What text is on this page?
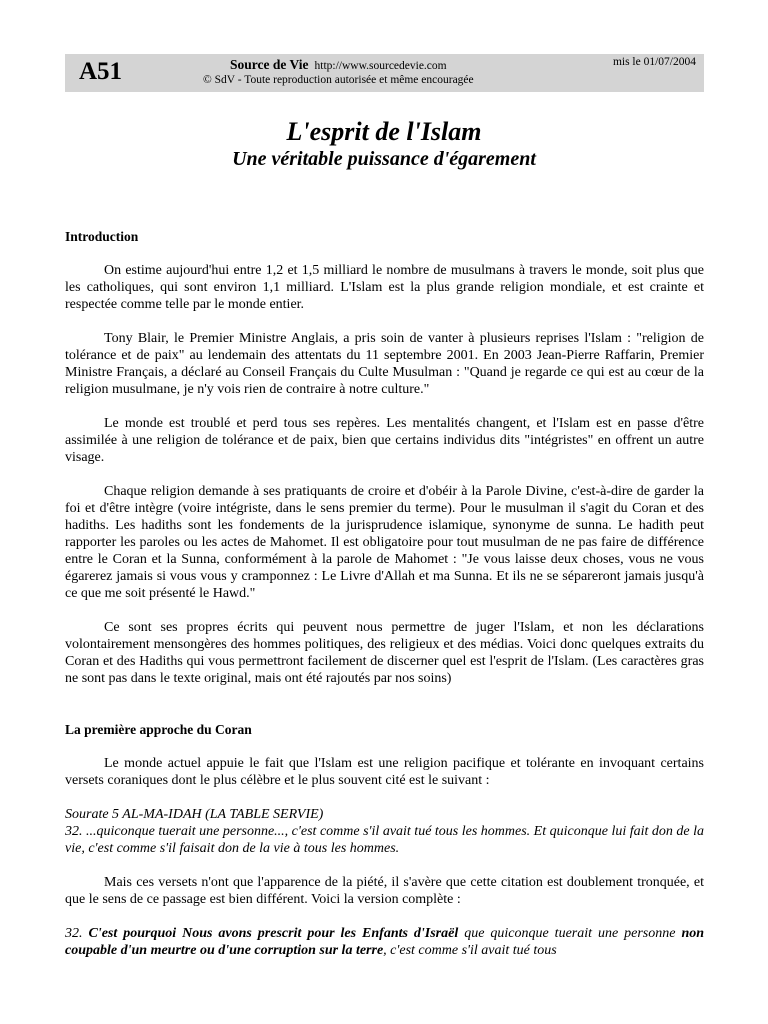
A51	Source de Vie http://www.sourcedevie.com
© SdV - Toute reproduction autorisée et même encouragée
mis le 01/07/2004
L'esprit de l'Islam
Une véritable puissance d'égarement
Introduction

On estime aujourd'hui entre 1,2 et 1,5 milliard le nombre de musulmans à travers le monde, soit plus que les catholiques, qui sont environ 1,1 milliard. L'Islam est la plus grande religion mondiale, et est crainte et respectée comme telle par le monde entier.

Tony Blair, le Premier Ministre Anglais, a pris soin de vanter à plusieurs reprises l'Islam : "religion de tolérance et de paix" au lendemain des attentats du 11 septembre 2001. En 2003 Jean-Pierre Raffarin, Premier Ministre Français, a déclaré au Conseil Français du Culte Musulman : "Quand je regarde ce qui est au cœur de la religion musulmane, je n'y vois rien de contraire à notre culture."

Le monde est troublé et perd tous ses repères. Les mentalités changent, et l'Islam est en passe d'être assimilée à une religion de tolérance et de paix, bien que certains individus dits "intégristes" en offrent un autre visage.

Chaque religion demande à ses pratiquants de croire et d'obéir à la Parole Divine, c'est-à-dire de garder la foi et d'être intègre (voire intégriste, dans le sens premier du terme). Pour le musulman il s'agit du Coran et des hadiths. Les hadiths sont les fondements de la jurisprudence islamique, synonyme de sunna. Le hadith peut rapporter les paroles ou les actes de Mahomet. Il est obligatoire pour tout musulman de ne pas faire de différence entre le Coran et la Sunna, conformément à la parole de Mahomet : "Je vous laisse deux choses, vous ne vous égarerez jamais si vous vous y cramponnez : Le Livre d'Allah et ma Sunna. Et ils ne se sépareront jamais jusqu'à ce que me soit présenté le Hawd."

Ce sont ses propres écrits qui peuvent nous permettre de juger l'Islam, et non les déclarations volontairement mensongères des hommes politiques, des religieux et des médias. Voici donc quelques extraits du Coran et des Hadiths qui vous permettront facilement de discerner quel est l'esprit de l'Islam. (Les caractères gras ne sont pas dans le texte original, mais ont été rajoutés par nos soins)

La première approche du Coran

Le monde actuel appuie le fait que l'Islam est une religion pacifique et tolérante en invoquant certains versets coraniques dont le plus célèbre et le plus souvent cité est le suivant :

Sourate 5 AL-MA-IDAH (LA TABLE SERVIE)

32. ...quiconque tuerait une personne..., c'est comme s'il avait tué tous les hommes. Et quiconque lui fait don de la vie, c'est comme s'il faisait don de la vie à tous les hommes.

Mais ces versets n'ont que l'apparence de la piété, il s'avère que cette citation est doublement tronquée, et que le sens de ce passage est bien différent. Voici la version complète :

32. C'est pourquoi Nous avons prescrit pour les Enfants d'Israël que quiconque tuerait une personne non coupable d'un meurtre ou d'une corruption sur la terre, c'est comme s'il avait tué tous
